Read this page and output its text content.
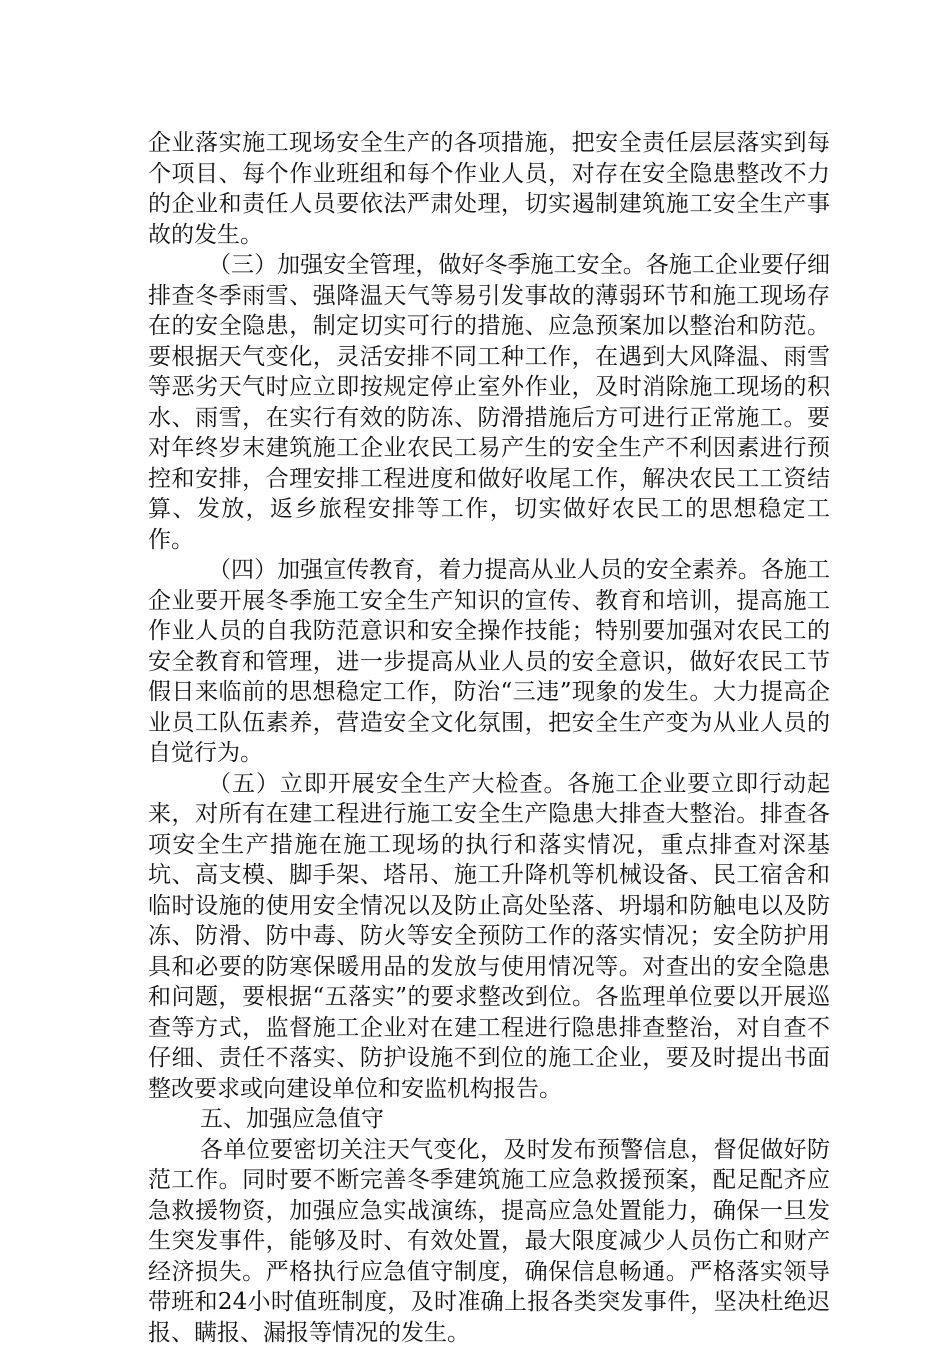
企业落实施工现场安全生产的各项措施，把安全责任层层落实到每个项目、每个作业班组和每个作业人员，对存在安全隐患整改不力的企业和责任人员要依法严肃处理，切实遏制建筑施工安全生产事故的发生。

（三）加强安全管理，做好冬季施工安全。各施工企业要仔细排查冬季雨雪、强降温天气等易引发事故的薄弱环节和施工现场存在的安全隐患，制定切实可行的措施、应急预案加以整治和防范。要根据天气变化，灵活安排不同工种工作，在遇到大风降温、雨雪等恶劣天气时应立即按规定停止室外作业，及时消除施工现场的积水、雨雪，在实行有效的防冻、防滑措施后方可进行正常施工。要对年终岁末建筑施工企业农民工易产生的安全生产不利因素进行预控和安排，合理安排工程进度和做好收尾工作，解决农民工工资结算、发放，返乡旅程安排等工作，切实做好农民工的思想稳定工作。

（四）加强宣传教育，着力提高从业人员的安全素养。各施工企业要开展冬季施工安全生产知识的宣传、教育和培训，提高施工作业人员的自我防范意识和安全操作技能；特别要加强对农民工的安全教育和管理，进一步提高从业人员的安全意识，做好农民工节假日来临前的思想稳定工作，防治“三违”现象的发生。大力提高企业员工队伍素养，营造安全文化氛围，把安全生产变为从业人员的自觉行为。

（五）立即开展安全生产大检查。各施工企业要立即行动起来，对所有在建工程进行施工安全生产隐患大排查大整治。排查各项安全生产措施在施工现场的执行和落实情况，重点排查对深基坑、高支模、脚手架、塔吊、施工升降机等机械设备、民工宿舍和临时设施的使用安全情况以及防止高处坠落、坍塌和防触电以及防冻、防滑、防中毒、防火等安全预防工作的落实情况；安全防护用具和必要的防寒保暖用品的发放与使用情况等。对查出的安全隐患和问题，要根据“五落实”的要求整改到位。各监理单位要以开展巡查等方式，监督施工企业对在建工程进行隐患排查整治，对自查不仔细、责任不落实、防护设施不到位的施工企业，要及时提出书面整改要求或向建设单位和安监机构报告。

五、加强应急值守

各单位要密切关注天气变化，及时发布预警信息，督促做好防范工作。同时要不断完善冬季建筑施工应急救援预案，配足配齐应急救援物资，加强应急实战演练，提高应急处置能力，确保一旦发生突发事件，能够及时、有效处置，最大限度减少人员伤亡和财产经济损失。严格执行应急值守制度，确保信息畅通。严格落实领导带班和24小时值班制度，及时准确上报各类突发事件，坚决杜绝迟报、瞒报、漏报等情况的发生。
